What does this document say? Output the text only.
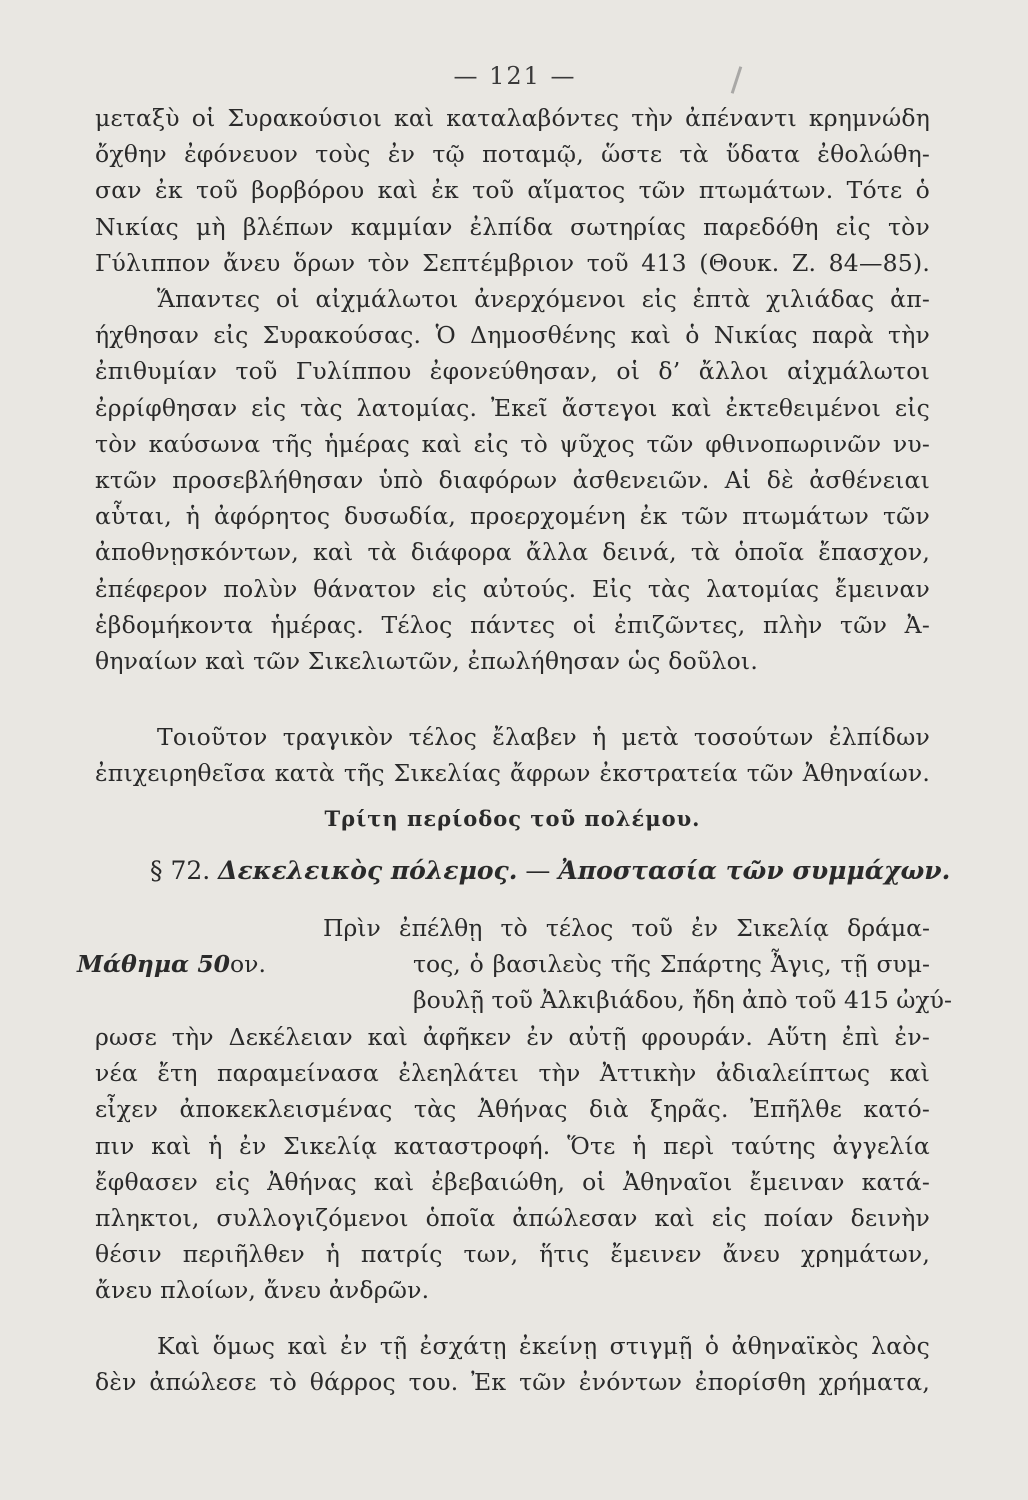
— 121 —
μεταξὺ οἱ Συρακούσιοι καὶ καταλαβόντες τὴν ἀπέναντι κρημνώδη
ὄχθην ἐφόνευον τοὺς ἐν τῷ ποταμῷ, ὥστε τὰ ὕδατα ἐθολώθη-
σαν ἐκ τοῦ βορβόρου καὶ ἐκ τοῦ αἵματος τῶν πτωμάτων. Τότε ὁ
Νικίας μὴ βλέπων καμμίαν ἐλπίδα σωτηρίας παρεδόθη εἰς τὸν
Γύλιππον ἄνευ ὅρων τὸν Σεπτέμβριον τοῦ 413 (Θουκ. Ζ. 84—85).
Ἅπαντες οἱ αἰχμάλωτοι ἀνερχόμενοι εἰς ἑπτὰ χιλιάδας ἀπ-
ήχθησαν εἰς Συρακούσας. Ὁ Δημοσθένης καὶ ὁ Νικίας παρὰ τὴν
ἐπιθυμίαν τοῦ Γυλίππου ἐφονεύθησαν, οἱ δ’ ἄλλοι αἰχμάλωτοι
ἐρρίφθησαν εἰς τὰς λατομίας. Ἐκεῖ ἄστεγοι καὶ ἐκτεθειμένοι εἰς
τὸν καύσωνα τῆς ἡμέρας καὶ εἰς τὸ ψῦχος τῶν φθινοπωρινῶν νυ-
κτῶν προσεβλήθησαν ὑπὸ διαφόρων ἀσθενειῶν. Αἱ δὲ ἀσθένειαι
αὗται, ἡ ἀφόρητος δυσωδία, προερχομένη ἐκ τῶν πτωμάτων τῶν
ἀποθνῃσκόντων, καὶ τὰ διάφορα ἄλλα δεινά, τὰ ὁποῖα ἔπασχον,
ἐπέφερον πολὺν θάνατον εἰς αὐτούς. Εἰς τὰς λατομίας ἔμειναν
ἑβδομήκοντα ἡμέρας. Τέλος πάντες οἱ ἐπιζῶντες, πλὴν τῶν Ἀ-
θηναίων καὶ τῶν Σικελιωτῶν, ἐπωλήθησαν ὡς δοῦλοι.
Τοιοῦτον τραγικὸν τέλος ἔλαβεν ἡ μετὰ τοσούτων ἐλπίδων
ἐπιχειρηθεῖσα κατὰ τῆς Σικελίας ἄφρων ἐκστρατεία τῶν Ἀθηναίων.
Τρίτη περίοδος τοῦ πολέμου.
§ 72. Δεκελεικὸς πόλεμος. — Ἀποστασία τῶν συμμάχων.
Πρὶν ἐπέλθῃ τὸ τέλος τοῦ ἐν Σικελίᾳ δράμα-
Μάθημα 50ον.	τος, ὁ βασιλεὺς τῆς Σπάρτης Ἆγις, τῇ συμ-
βουλῇ τοῦ Ἀλκιβιάδου, ἤδη ἀπὸ τοῦ 415 ὠχύ-
ρωσε τὴν Δεκέλειαν καὶ ἀφῆκεν ἐν αὐτῇ φρουράν. Αὕτη ἐπὶ ἐν-
νέα ἔτη παραμείνασα ἐλεηλάτει τὴν Ἀττικὴν ἀδιαλείπτως καὶ
εἶχεν ἀποκεκλεισμένας τὰς Ἀθήνας διὰ ξηρᾶς. Ἐπῆλθε κατό-
πιν καὶ ἡ ἐν Σικελίᾳ καταστροφή. Ὅτε ἡ περὶ ταύτης ἀγγελία
ἔφθασεν εἰς Ἀθήνας καὶ ἐβεβαιώθη, οἱ Ἀθηναῖοι ἔμειναν κατά-
πληκτοι, συλλογιζόμενοι ὁποῖα ἀπώλεσαν καὶ εἰς ποίαν δεινὴν
θέσιν περιῆλθεν ἡ πατρίς των, ἥτις ἔμεινεν ἄνευ χρημάτων,
ἄνευ πλοίων, ἄνευ ἀνδρῶν.
Καὶ ὅμως καὶ ἐν τῇ ἐσχάτῃ ἐκείνῃ στιγμῇ ὁ ἀθηναϊκὸς λαὸς
δὲν ἀπώλεσε τὸ θάρρος του. Ἐκ τῶν ἐνόντων ἐπορίσθη χρήματα,
